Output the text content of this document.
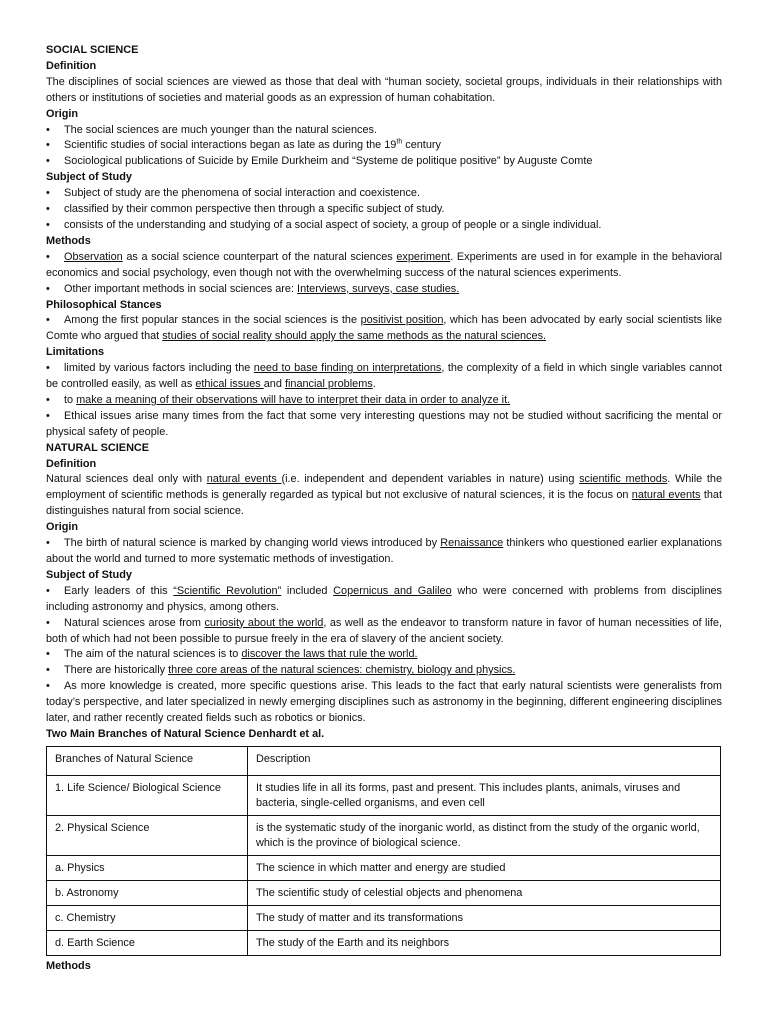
SOCIAL SCIENCE
Definition

The disciplines of social sciences are viewed as those that deal with “human society, societal groups, individuals in their relationships with others or institutions of societies and material goods as an expression of human cohabitation.

Origin

• The social sciences are much younger than the natural sciences.

• Scientific studies of social interactions began as late as during the 19th century

• Sociological publications of Suicide by Emile Durkheim and “Systeme de politique positive” by Auguste Comte

Subject of Study

• Subject of study are the phenomena of social interaction and coexistence.

• classified by their common perspective then through a specific subject of study.

• consists of the understanding and studying of a social aspect of society, a group of people or a single individual.

Methods

• Observation as a social science counterpart of the natural sciences experiment. Experiments are used in for example in the behavioral economics and social psychology, even though not with the overwhelming success of the natural sciences experiments.

• Other important methods in social sciences are: Interviews, surveys, case studies.

Philosophical Stances

• Among the first popular stances in the social sciences is the positivist position, which has been advocated by early social scientists like Comte who argued that studies of social reality should apply the same methods as the natural sciences.

Limitations

• limited by various factors including the need to base finding on interpretations, the complexity of a field in which single variables cannot be controlled easily, as well as ethical issues and financial problems.

• to make a meaning of their observations will have to interpret their data in order to analyze it.

• Ethical issues arise many times from the fact that some very interesting questions may not be studied without sacrificing the mental or physical safety of people.

NATURAL SCIENCE
Definition

Natural sciences deal only with natural events (i.e. independent and dependent variables in nature) using scientific methods. While the employment of scientific methods is generally regarded as typical but not exclusive of natural sciences, it is the focus on natural events that distinguishes natural from social science.

Origin

• The birth of natural science is marked by changing world views introduced by Renaissance thinkers who questioned earlier explanations about the world and turned to more systematic methods of investigation.

Subject of Study

• Early leaders of this “Scientific Revolution” included Copernicus and Galileo who were concerned with problems from disciplines including astronomy and physics, among others.

• Natural sciences arose from curiosity about the world, as well as the endeavor to transform nature in favor of human necessities of life, both of which had not been possible to pursue freely in the era of slavery of the ancient society.

• The aim of the natural sciences is to discover the laws that rule the world.

• There are historically three core areas of the natural sciences: chemistry, biology and physics.

• As more knowledge is created, more specific questions arise. This leads to the fact that early natural scientists were generalists from today’s perspective, and later specialized in newly emerging disciplines such as astronomy in the beginning, different engineering disciplines later, and rather recently created fields such as robotics or bionics.

Two Main Branches of Natural Science Denhardt et al.
Branches of Natural Science	Description

1. Life Science/ Biological Science	It studies life in all its forms, past and present. This includes plants, animals, viruses and bacteria, single-celled organisms, and even cell
2. Physical Science	is the systematic study of the inorganic world, as distinct from the study of the organic world, which is the province of biological science.
a. Physics	The science in which matter and energy are studied
b. Astronomy	The scientific study of celestial objects and phenomena
c. Chemistry	The study of matter and its transformations
d. Earth Science	The study of the Earth and its neighbors
Methods
